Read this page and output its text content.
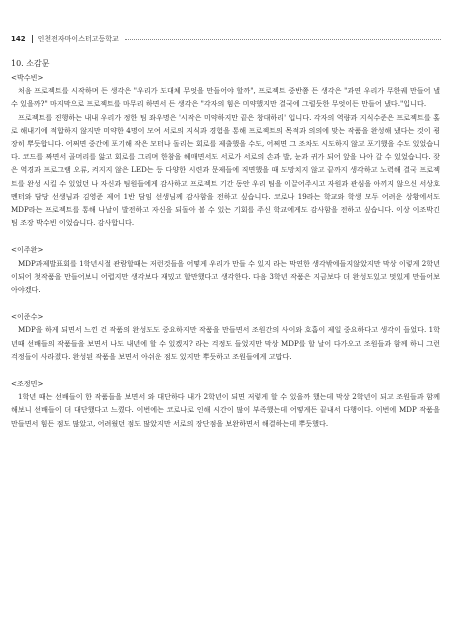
142 인천전자마이스터고등학교
10. 소감문

<박수빈>

처음 프로젝트를 시작하며 든 생각은 "우리가 도대체 무엇을 만들어야 할까", 프로젝트 중반쯤 든 생각은 "과연 우리가 무한궤 만들어 낼 수 있을까?" 마지막으로 프로젝트를 마무리 하면서 든 생각은 "각자의 힘은 미약했지만 결국에 그럴듯한 무엇이든 만들어 냈다."입니다.

프로젝트를 진행하는 내내 우리가 정한 팀 좌우명은 '시작은 미약하지만 끝은 창대하리' 입니다. 각자의 역량과 지식수준은 프로젝트를 홀로 해내기에 적합하지 않지만 미약한 4명이 모여 서로의 지식과 경험을 통해 프로젝트의 목적과 의의에 맞는 작품을 완성해 냈다는 것이 굉장히 뿌듯합니다. 어쩌면 중간에 포기해 작은 모터나 돌리는 회로를 제출했을 수도, 어쩌면 그 조차도 시도하지 않고 포기했을 수도 있었습니다. 코드를 짜면서 골머리를 앓고 회로를 그리며 한참을 헤매면서도 서로가 서로의 손과 발, 눈과 귀가 되어 앞을 나아 갈 수 있었습니다. 잦은 역경과 프로그램 오류, 켜지지 않은 LED는 등 다양한 시련과 문제들에 직면했을 때 도망치지 않고 끝까지 생각하고 노력해 결국 프로젝트를 완성 시킬 수 있었던 나 자신과 팀원들에게 감사하고 프로젝트 기간 동안 우리 팀을 이끌어주시고 자원과 관심을 아끼지 않으신 서상호 멘터와 담당 선생님과 김영준 제어 1반 담임 선생님께 감사함을 전하고 싶습니다. 코로나 19라는 학교와 학생 모두 어려운 상황에서도 MDP라는 프로젝트를 통해 나날이 발전하고 자신을 되돌아 볼 수 있는 기회를 주신 학교에게도 감사함을 전하고 싶습니다. 이상 이조박긴 팀 조장 박수빈 이었습니다. 감사합니다.

<이주완>

MDP과제발표회를 1학년시절 관람할때는 저런것들을 어떻게 우리가 만들 수 있지 라는 막연한 생각밖에들지않았지만 막상 이렇게 2학년이되어 첫작품을 만들어보니 어렵지만 생각보다 재밌고 할만했다고 생각한다. 다음 3학년 작품은 지금보다 더 완성도있고 멋있게 만들어보아야겠다.

<이준수>

MDP을 하게 되면서 느낀 건 작품의 완성도도 중요하지만 작품을 만들면서 조원간의 사이와 호흡이 제일 중요하다고 생각이 들었다. 1학년때 선배들의 작품들을 보면서 나도 내년에 할 수 있겠지? 라는 걱정도 들었지만 막상 MDP를 할 날이 다가오고 조원들과 함께 하니 그런 걱정들이 사라졌다. 완성된 작품을 보면서 아쉬운 점도 있지만 뿌듯하고 조원들에게 고맙다.

<조정민>

1학년 때는 선배들이 한 작품들을 보면서 와 대단하다 내가 2학년이 되면 저렇게 할 수 있을까 했는데 막상 2학년이 되고 조원들과 함께 해보니 선배들이 더 대단했다고 느꼈다. 이번에는 코로나로 인해 시간이 많이 부족했는데 어떻게든 끝내서 다행이다. 이번에 MDP 작품을 만들면서 힘든 점도 많았고, 어려웠던 점도 많았지만 서로의 장단점을 보완하면서 해결하는데 뿌듯했다.
